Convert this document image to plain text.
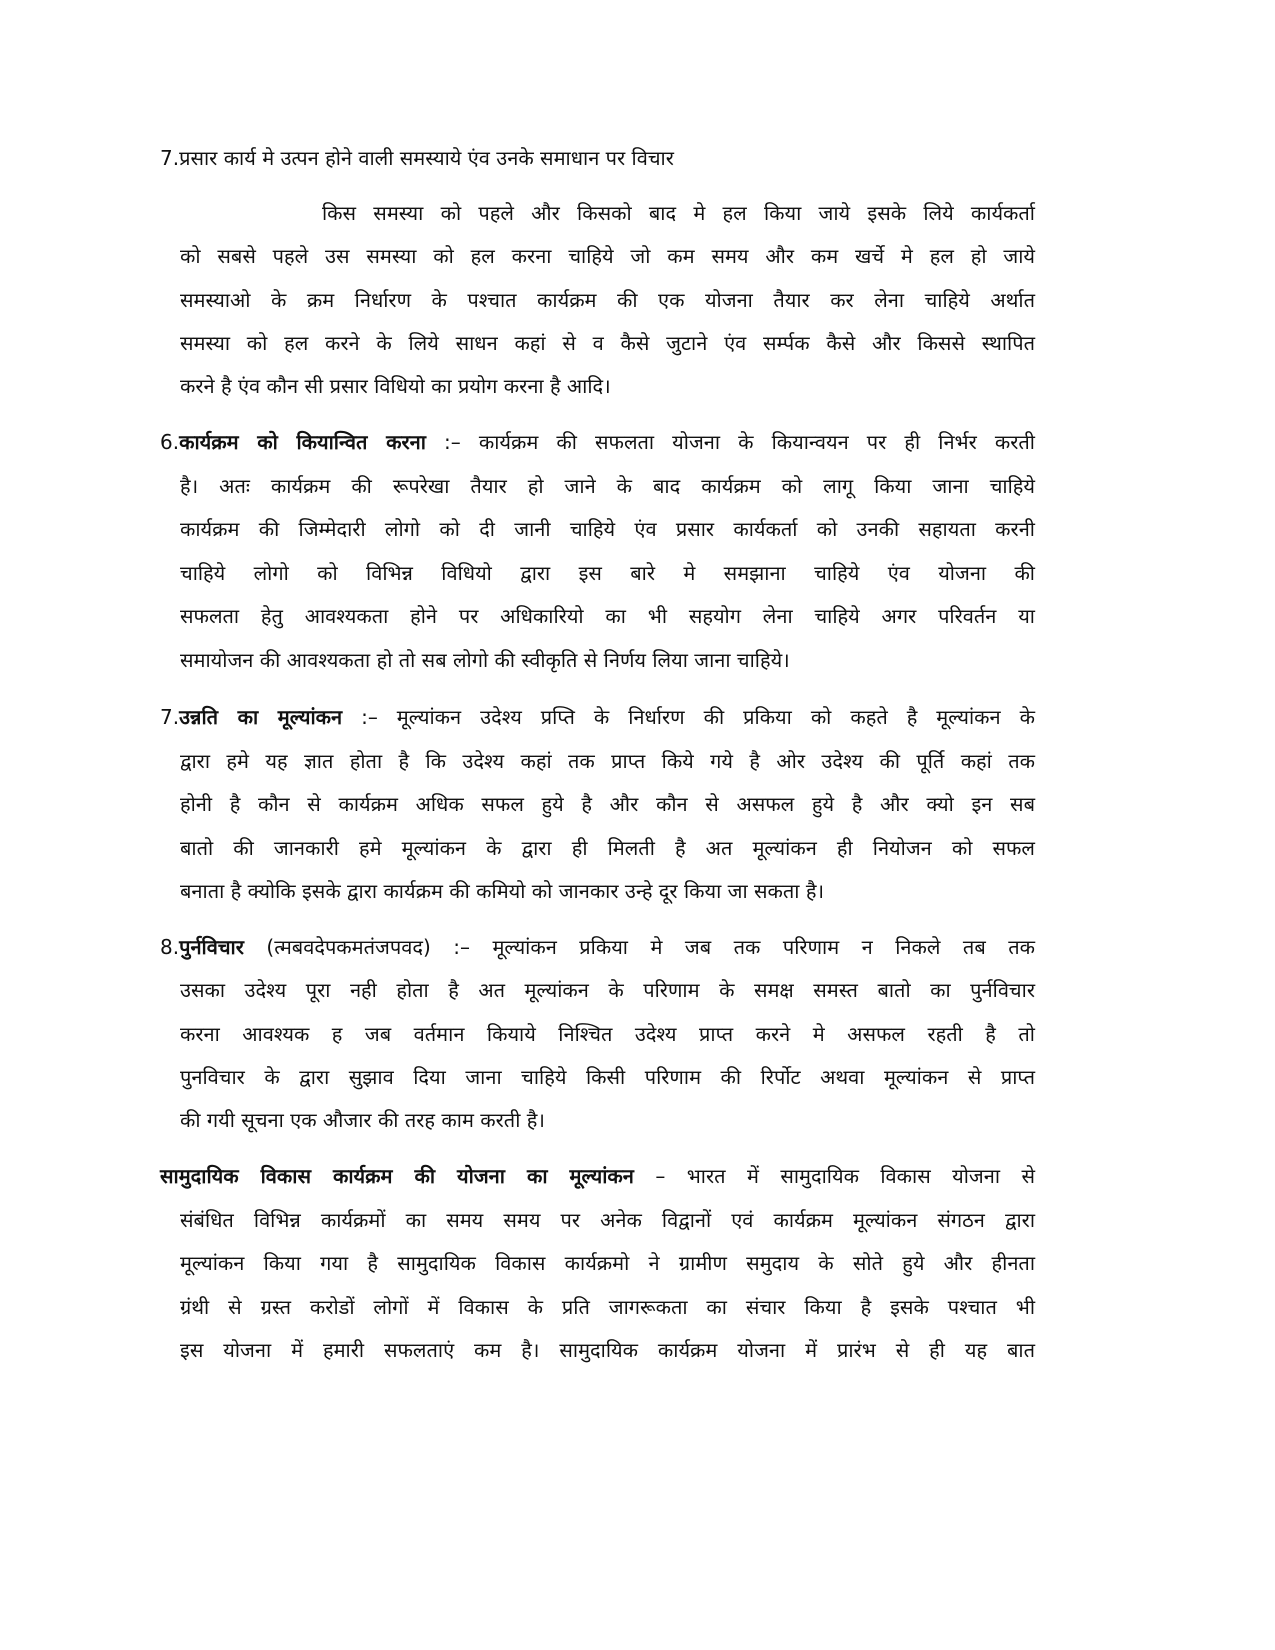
7.प्रसार कार्य मे उत्पन होने वाली समस्याये एंव उनके समाधान पर विचार
किस समस्या को पहले और किसको बाद मे हल किया जाये इसके लिये कार्यकर्ता
को सबसे पहले उस समस्या को हल करना चाहिये जो कम समय और कम खर्चे मे हल हो जाये
समस्याओ के क्रम निर्धारण के पश्चात कार्यक्रम की एक योजना तैयार कर लेना चाहिये अर्थात
समस्या को हल करने के लिये साधन कहां से व कैसे जुटाने एंव सर्म्पक कैसे और किससे स्थापित
करने है एंव कौन सी प्रसार विधियो का प्रयोग करना है आदि।
6.कार्यक्रम को कियान्वित करना :– कार्यक्रम की सफलता योजना के कियान्वयन पर ही निर्भर करती
है। अतः कार्यक्रम की रूपरेखा तैयार हो जाने के बाद कार्यक्रम को लागू किया जाना चाहिये
कार्यक्रम की जिम्मेदारी लोगो को दी जानी चाहिये एंव प्रसार कार्यकर्ता को उनकी सहायता करनी
चाहिये लोगो को विभिन्न विधियो द्वारा इस बारे मे समझाना चाहिये एंव योजना की
सफलता हेतु आवश्यकता होने पर अधिकारियो का भी सहयोग लेना चाहिये अगर परिवर्तन या
समायोजन की आवश्यकता हो तो सब लोगो की स्वीकृति से निर्णय लिया जाना चाहिये।
7.उन्नति का मूल्यांकन :– मूल्यांकन उदेश्य प्रप्ति के निर्धारण की प्रकिया को कहते है मूल्यांकन के
द्वारा हमे यह ज्ञात होता है कि उदेश्य कहां तक प्राप्त किये गये है ओर उदेश्य की पूर्ति कहां तक
होनी है कौन से कार्यक्रम अधिक सफल हुये है और कौन से असफल हुये है और क्यो इन सब
बातो की जानकारी हमे मूल्यांकन के द्वारा ही मिलती है अत मूल्यांकन ही नियोजन को सफल
बनाता है क्योकि इसके द्वारा कार्यक्रम की कमियो को जानकार उन्हे दूर किया जा सकता है।
8.पुर्नविचार (त्मबवदेपकमतंजपवद) :– मूल्यांकन प्रकिया मे जब तक परिणाम न निकले तब तक
उसका उदेश्य पूरा नही होता है अत मूल्यांकन के परिणाम के समक्ष समस्त बातो का पुर्नविचार
करना आवश्यक ह जब वर्तमान कियाये निश्चित उदेश्य प्राप्त करने मे असफल रहती है तो
पुनविचार के द्वारा सुझाव दिया जाना चाहिये किसी परिणाम की रिर्पोट अथवा मूल्यांकन से प्राप्त
की गयी सूचना एक औजार की तरह काम करती है।
सामुदायिक विकास कार्यक्रम की योजना का मूल्यांकन – भारत में सामुदायिक विकास योजना से
संबंधित विभिन्न कार्यक्रमों का समय समय पर अनेक विद्वानों एवं कार्यक्रम मूल्यांकन संगठन द्वारा
मूल्यांकन किया गया है सामुदायिक विकास कार्यक्रमो ने ग्रामीण समुदाय के सोते हुये और हीनता
ग्रंथी से ग्रस्त करोडों लोगों में विकास के प्रति जागरूकता का संचार किया है इसके पश्चात भी
इस योजना में हमारी सफलताएं कम है। सामुदायिक कार्यक्रम योजना में प्रारंभ से ही यह बात
